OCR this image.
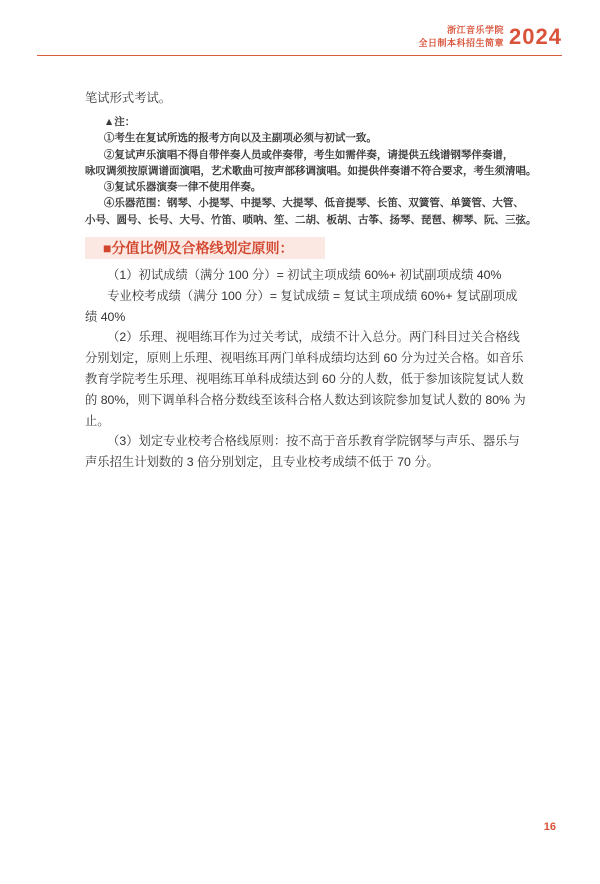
浙江音乐学院
全日制本科招生简章 2024
笔试形式考试。
▲注：
①考生在复试所选的报考方向以及主副项必须与初试一致。
②复试声乐演唱不得自带伴奏人员或伴奏带，考生如需伴奏，请提供五线谱钢琴伴奏谱，
咏叹调须按原调谱面演唱，艺术歌曲可按声部移调演唱。如提供伴奏谱不符合要求，考生须清唱。
③复试乐器演奏一律不使用伴奏。
④乐器范围：钢琴、小提琴、中提琴、大提琴、低音提琴、长笛、双簧管、单簧管、大管、
小号、圆号、长号、大号、竹笛、唢呐、笙、二胡、板胡、古筝、扬琴、琵琶、柳琴、阮、三弦。
■分值比例及合格线划定原则：
（1）初试成绩（满分 100 分）= 初试主项成绩 60%+ 初试副项成绩 40%
专业校考成绩（满分 100 分）= 复试成绩 = 复试主项成绩 60%+ 复试副项成
绩 40%
（2）乐理、视唱练耳作为过关考试，成绩不计入总分。两门科目过关合格线
分别划定，原则上乐理、视唱练耳两门单科成绩均达到 60 分为过关合格。如音乐
教育学院考生乐理、视唱练耳单科成绩达到 60 分的人数，低于参加该院复试人数
的 80%，则下调单科合格分数线至该科合格人数达到该院参加复试人数的 80% 为
止。
（3）划定专业校考合格线原则：按不高于音乐教育学院钢琴与声乐、器乐与
声乐招生计划数的 3 倍分别划定，且专业校考成绩不低于 70 分。
16
